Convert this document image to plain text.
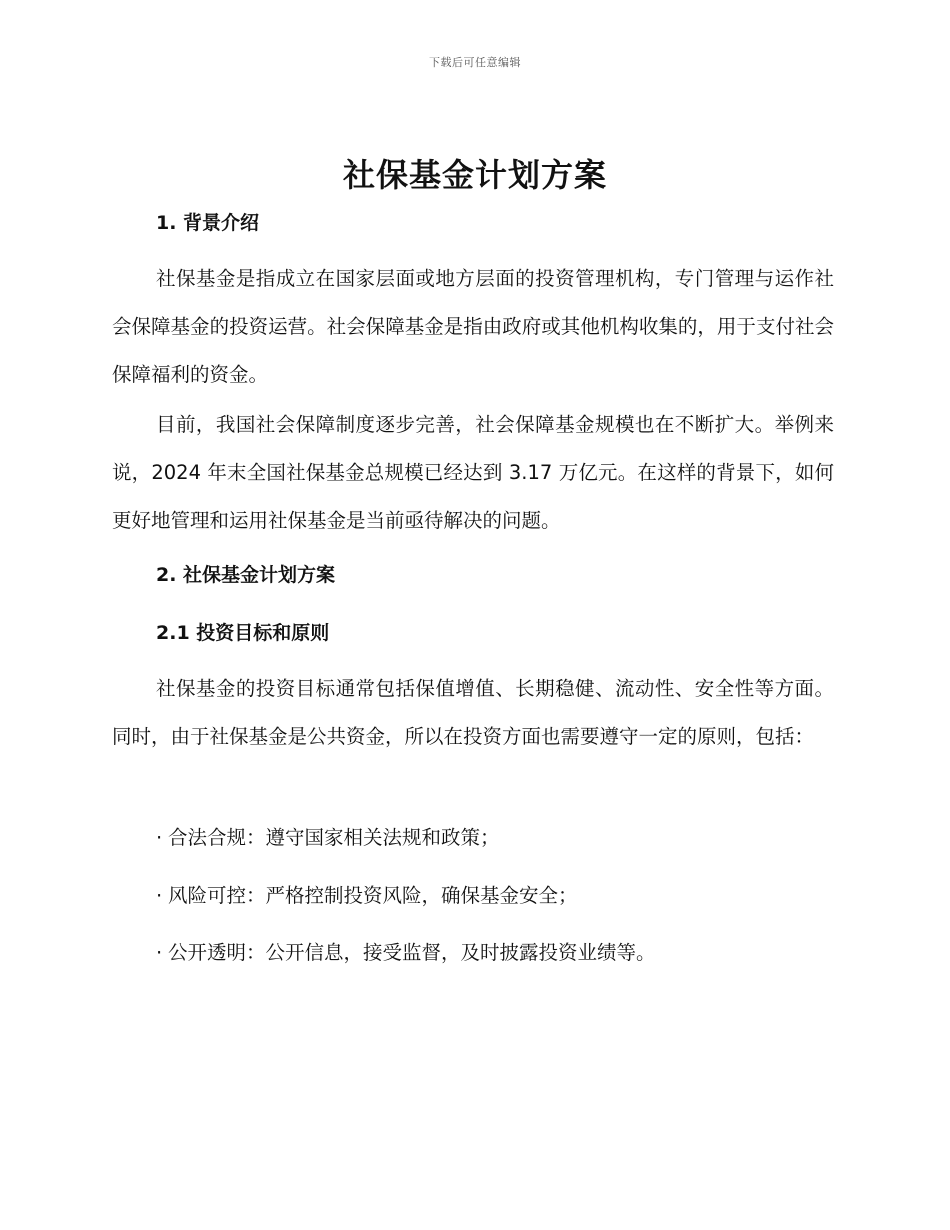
下载后可任意编辑
社保基金计划方案
1. 背景介绍

社保基金是指成立在国家层面或地方层面的投资管理机构，专门管理与运作社会保障基金的投资运营。社会保障基金是指由政府或其他机构收集的，用于支付社会保障福利的资金。

目前，我国社会保障制度逐步完善，社会保障基金规模也在不断扩大。举例来说，2024 年末全国社保基金总规模已经达到 3.17 万亿元。在这样的背景下，如何更好地管理和运用社保基金是当前亟待解决的问题。

2. 社保基金计划方案
2.1 投资目标和原则

社保基金的投资目标通常包括保值增值、长期稳健、流动性、安全性等方面。同时，由于社保基金是公共资金，所以在投资方面也需要遵守一定的原则，包括：

· 合法合规：遵守国家相关法规和政策；

· 风险可控：严格控制投资风险，确保基金安全；

· 公开透明：公开信息，接受监督，及时披露投资业绩等。
